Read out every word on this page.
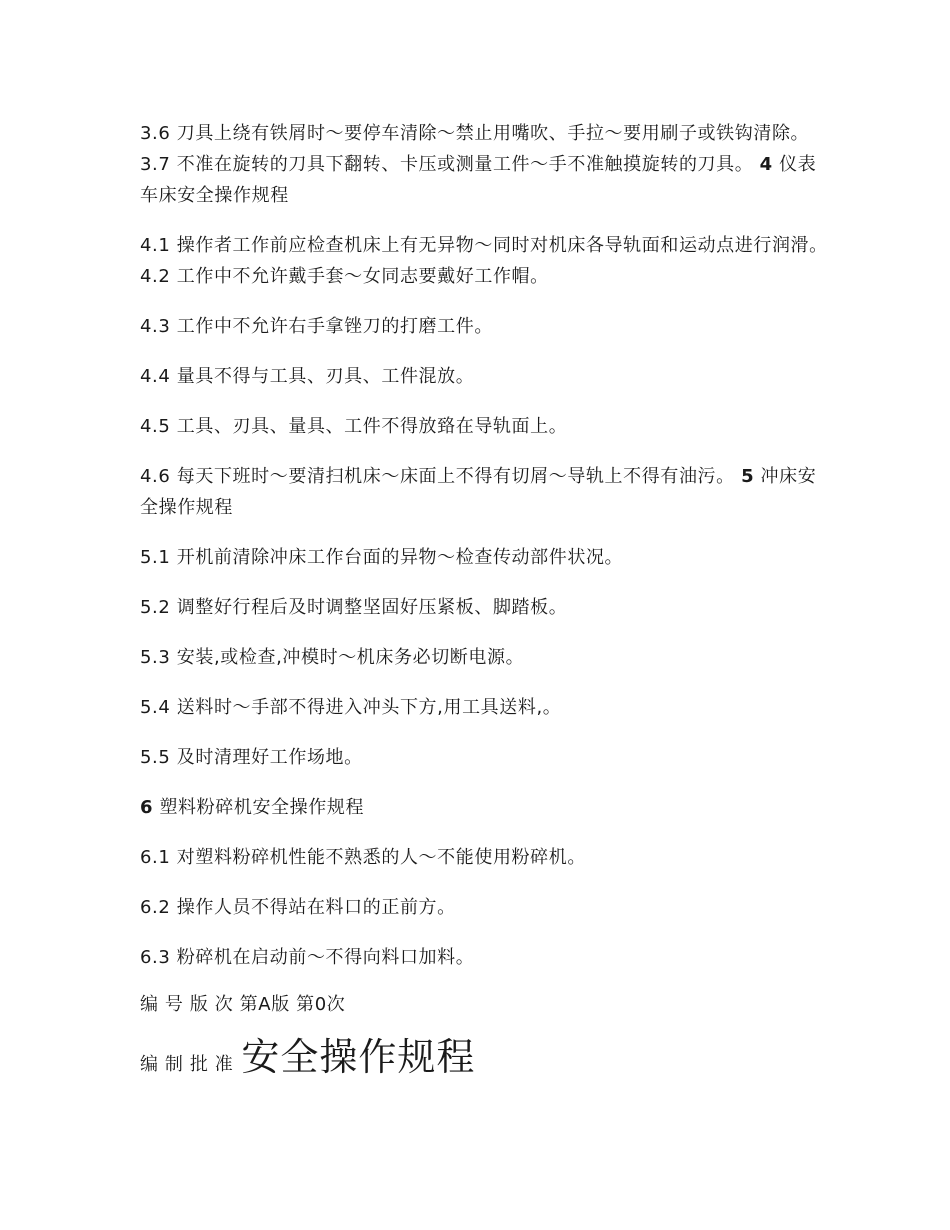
3.6 刀具上绕有铁屑时～要停车清除～禁止用嘴吹、手拉～要用刷子或铁钩清除。 3.7 不准在旋转的刀具下翻转、卡压或测量工件～手不准触摸旋转的刀具。 4 仪表车床安全操作规程

4.1 操作者工作前应检查机床上有无异物～同时对机床各导轨面和运动点进行润滑。 4.2 工作中不允许戴手套～女同志要戴好工作帽。

4.3 工作中不允许右手拿锉刀的打磨工件。

4.4 量具不得与工具、刃具、工件混放。

4.5 工具、刃具、量具、工件不得放臵在导轨面上。

4.6 每天下班时～要清扫机床～床面上不得有切屑～导轨上不得有油污。 5 冲床安全操作规程

5.1 开机前清除冲床工作台面的异物～检查传动部件状况。

5.2 调整好行程后及时调整坚固好压紧板、脚踏板。

5.3 安装,或检查,冲模时～机床务必切断电源。

5.4 送料时～手部不得进入冲头下方,用工具送料,。

5.5 及时清理好工作场地。

6 塑料粉碎机安全操作规程

6.1 对塑料粉碎机性能不熟悉的人～不能使用粉碎机。

6.2 操作人员不得站在料口的正前方。

6.3 粉碎机在启动前～不得向料口加料。

编 号 版 次 第A版 第0次

编 制 批 准 安全操作规程
